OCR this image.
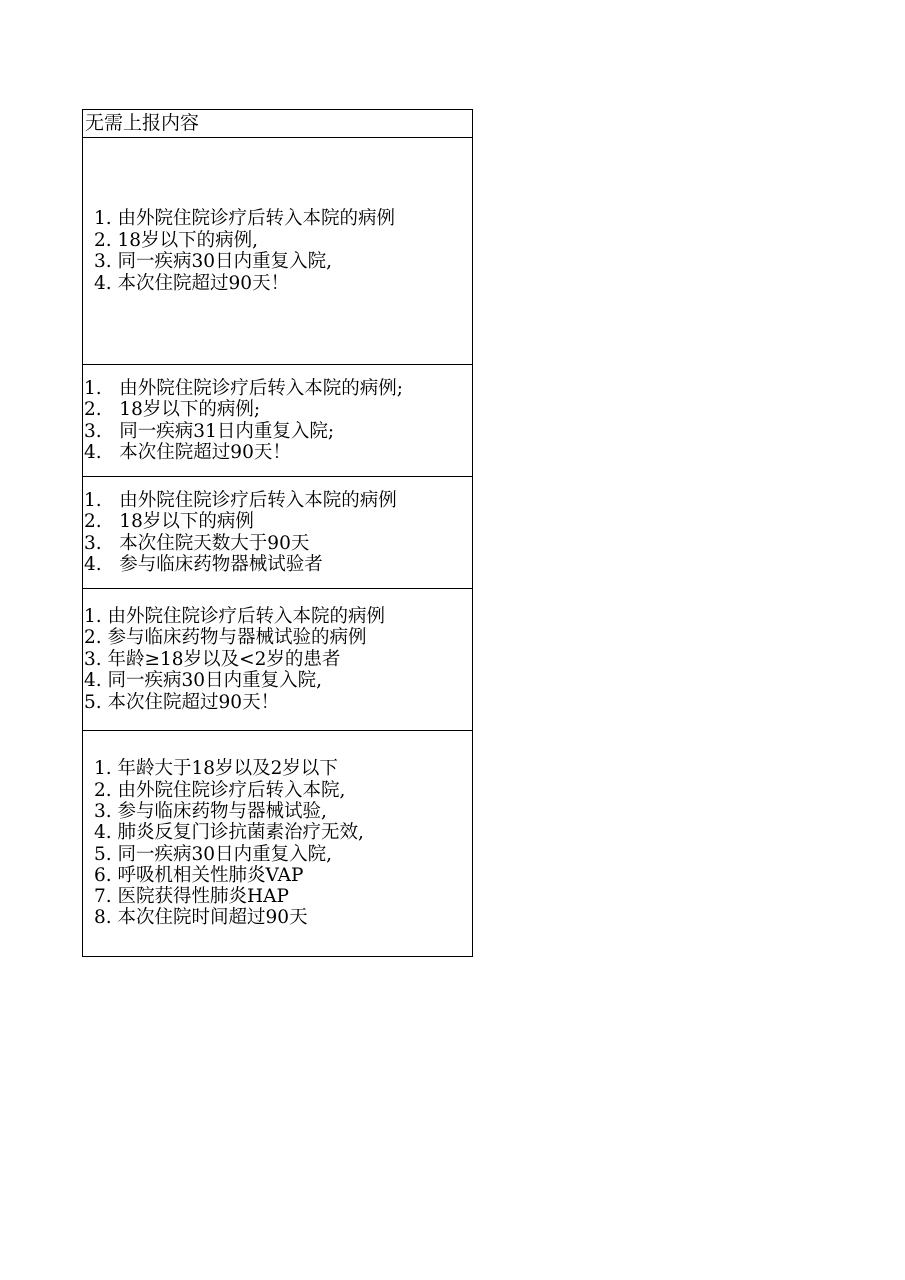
无需上报内容

1. 由外院住院诊疗后转入本院的病例
2. 18岁以下的病例,
3. 同一疾病30日内重复入院,
4. 本次住院超过90天！

1.   由外院住院诊疗后转入本院的病例;
2.   18岁以下的病例;
3.   同一疾病31日内重复入院;
4.   本次住院超过90天！

1.   由外院住院诊疗后转入本院的病例
2.   18岁以下的病例
3.   本次住院天数大于90天
4.   参与临床药物器械试验者

1. 由外院住院诊疗后转入本院的病例
2. 参与临床药物与器械试验的病例
3. 年龄≥18岁以及<2岁的患者
4. 同一疾病30日内重复入院,
5. 本次住院超过90天！

1. 年龄大于18岁以及2岁以下
2. 由外院住院诊疗后转入本院,
3. 参与临床药物与器械试验,
4. 肺炎反复门诊抗菌素治疗无效,
5. 同一疾病30日内重复入院,
6. 呼吸机相关性肺炎VAP
7. 医院获得性肺炎HAP
8. 本次住院时间超过90天
